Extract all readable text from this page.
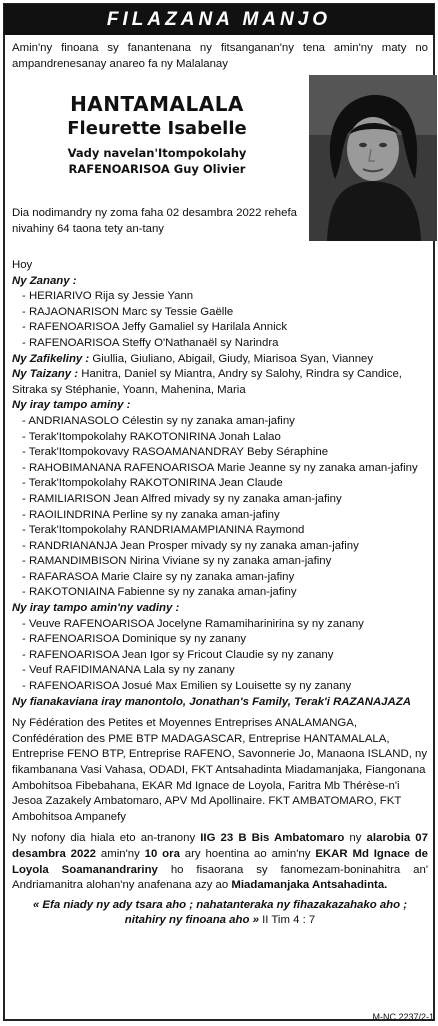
FILAZANA MANJO
Amin'ny finoana sy fanantenana ny fitsanganan'ny tena amin'ny maty no ampandrenesanay anareo fa ny Malalanay
HANTAMALALA
Fleurette Isabelle
Vady navelan'Itompokolahy
RAFENOARISOA Guy Olivier
Dia nodimandry ny zoma faha 02 desambra 2022 rehefa nivahiny 64 taona tety an-tany
Hoy
Ny Zanany :
- HERIARIVO Rija sy Jessie Yann
- RAJAONARISON Marc sy Tessie Gaëlle
- RAFENOARISOA Jeffy Gamaliel sy Harilala Annick
- RAFENOARISOA Steffy O'Nathanaël sy Narindra
Ny Zafikeliny : Giullia, Giuliano, Abigail, Giudy, Miarisoa Syan, Vianney
Ny Taizany : Hanitra, Daniel sy Miantra, Andry sy Salohy, Rindra sy Candice, Sitraka sy Stéphanie, Yoann, Mahenina, Maria
Ny iray tampo aminy :
- ANDRIANASOLO Célestin sy ny zanaka aman-jafiny
- Terak'Itompokolahy RAKOTONIRINA Jonah Lalao
- Terak'Itompokovavy RASOAMANANDRAY Beby Séraphine
- RAHOBIMANANA RAFENOARISOA Marie Jeanne sy ny zanaka aman-jafiny
- Terak'Itompokolahy RAKOTONIRINA Jean Claude
- RAMILIARISON Jean Alfred mivady sy ny zanaka aman-jafiny
- RAOILINDRINA Perline sy ny zanaka aman-jafiny
- Terak'Itompokolahy RANDRIAMAMPIANINA Raymond
- RANDRIANANJA Jean Prosper mivady sy ny zanaka aman-jafiny
- RAMANDIMBISON Nirina Viviane sy ny zanaka aman-jafiny
- RAFARASOA Marie Claire sy ny zanaka aman-jafiny
- RAKOTONIAINA Fabienne sy ny zanaka aman-jafiny
Ny iray tampo amin'ny vadiny :
- Veuve RAFENOARISOA Jocelyne Ramamiharinirina sy ny zanany
- RAFENOARISOA Dominique sy ny zanany
- RAFENOARISOA Jean Igor sy Fricout Claudie sy ny zanany
- Veuf RAFIDIMANANA Lala sy ny zanany
- RAFENOARISOA Josué Max Emilien sy Louisette sy ny zanany
Ny fianakaviana iray manontolo, Jonathan's Family, Terak'i RAZANAJAZA
Ny Fédération des Petites et Moyennes Entreprises ANALAMANGA, Confédération des PME BTP MADAGASCAR, Entreprise HANTAMALALA, Entreprise FENO BTP, Entreprise RAFENO, Savonnerie Jo, Manaona ISLAND, ny fikambanana Vasi Vahasa, ODADI, FKT Antsahadinta Miadamanjaka, Fiangonana Ambohitsoa Fibebahana, EKAR Md Ignace de Loyola, Faritra Mb Thérèse-n'i Jesoa Zazakely Ambatomaro, APV Md Apollinaire. FKT AMBATOMARO, FKT Ambohitsoa Ampanefy
Ny nofony dia hiala eto an-tranony IIG 23 B Bis Ambatomaro ny alarobia 07 desambra 2022 amin'ny 10 ora ary hoentina ao amin'ny EKAR Md Ignace de Loyola Soamanandrariny ho fisaorana sy fanomezam-boninahitra an' Andriamanitra alohan'ny anafenana azy ao Miadamanjaka Antsahadinta.
« Efa niady ny ady tsara aho ; nahatanteraka ny fihazakazahako aho ; nitahiry ny finoana aho » II Tim 4 : 7
M-NC 2237/2-1
